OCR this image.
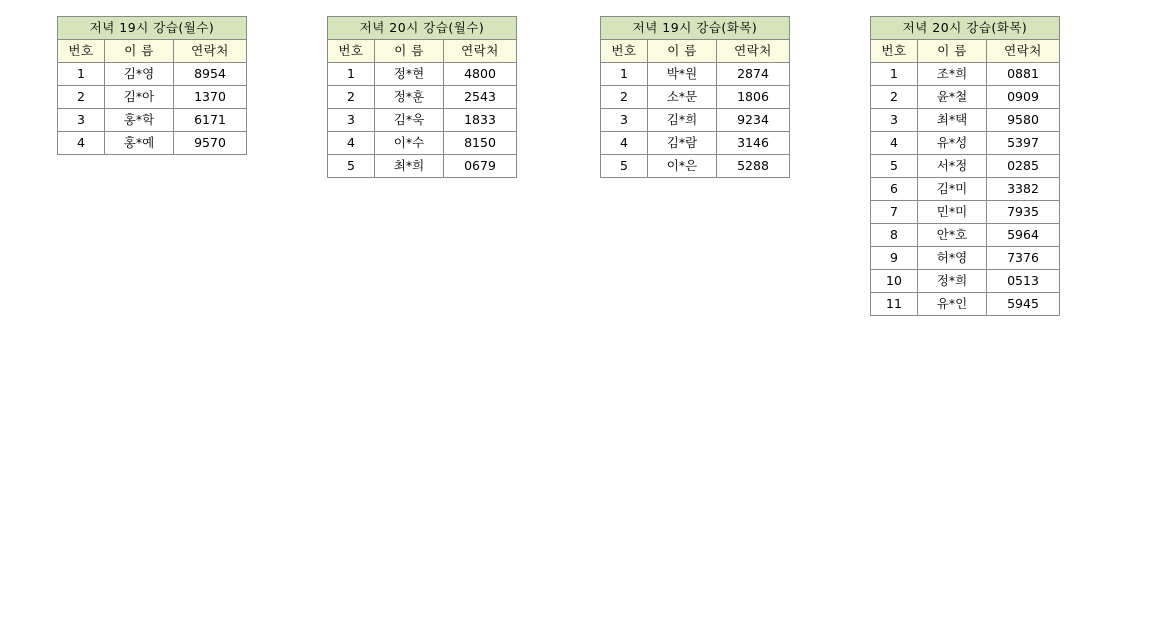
저녁 19시 강습(월수)		
번호	이 름	연락처
1	김*영	8954
2	김*아	1370
3	홍*학	6171
4	홍*예	9570
저녁 20시 강습(월수)		
번호	이 름	연락처
1	정*현	4800
2	정*훈	2543
3	김*욱	1833
4	이*수	8150
5	최*희	0679
저녁 19시 강습(화목)		
번호	이 름	연락처
1	박*원	2874
2	소*문	1806
3	김*희	9234
4	김*람	3146
5	이*은	5288
저녁 20시 강습(화목)		
번호	이 름	연락처
1	조*희	0881
2	윤*철	0909
3	최*택	9580
4	유*성	5397
5	서*정	0285
6	김*미	3382
7	민*미	7935
8	안*호	5964
9	허*영	7376
10	정*희	0513
11	유*인	5945
